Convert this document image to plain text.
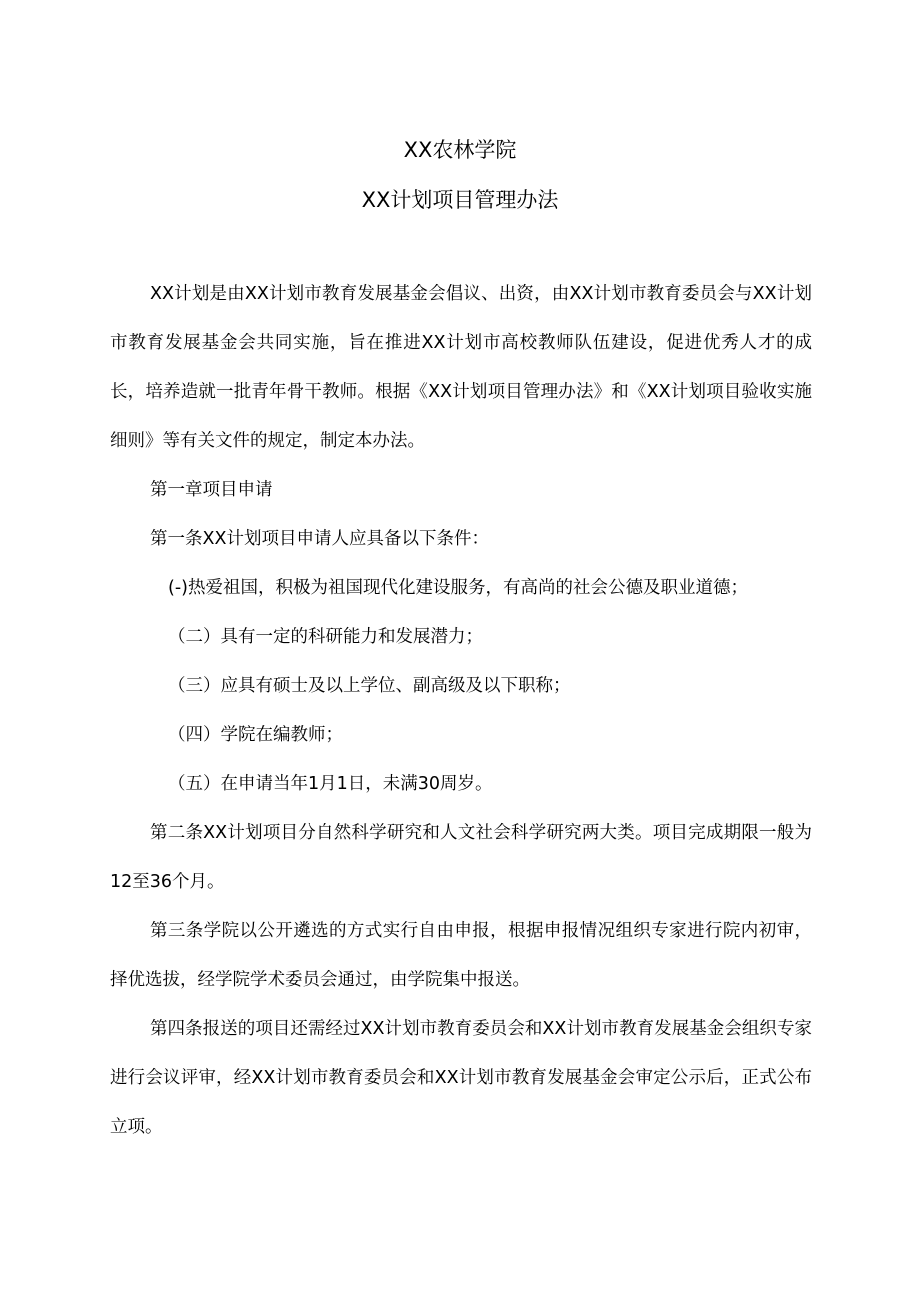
XX农林学院
XX计划项目管理办法

XX计划是由XX计划市教育发展基金会倡议、出资，由XX计划市教育委员会与XX计划市教育发展基金会共同实施，旨在推进XX计划市高校教师队伍建设，促进优秀人才的成长，培养造就一批青年骨干教师。根据《XX计划项目管理办法》和《XX计划项目验收实施细则》等有关文件的规定，制定本办法。

第一章项目申请

第一条XX计划项目申请人应具备以下条件：

(-)热爱祖国，积极为祖国现代化建设服务，有高尚的社会公德及职业道德；

（二）具有一定的科研能力和发展潜力；

（三）应具有硕士及以上学位、副高级及以下职称；

（四）学院在编教师；

（五）在申请当年1月1日，未满30周岁。

第二条XX计划项目分自然科学研究和人文社会科学研究两大类。项目完成期限一般为12至36个月。

第三条学院以公开遴选的方式实行自由申报，根据申报情况组织专家进行院内初审，择优选拔，经学院学术委员会通过，由学院集中报送。

第四条报送的项目还需经过XX计划市教育委员会和XX计划市教育发展基金会组织专家进行会议评审，经XX计划市教育委员会和XX计划市教育发展基金会审定公示后，正式公布立项。
